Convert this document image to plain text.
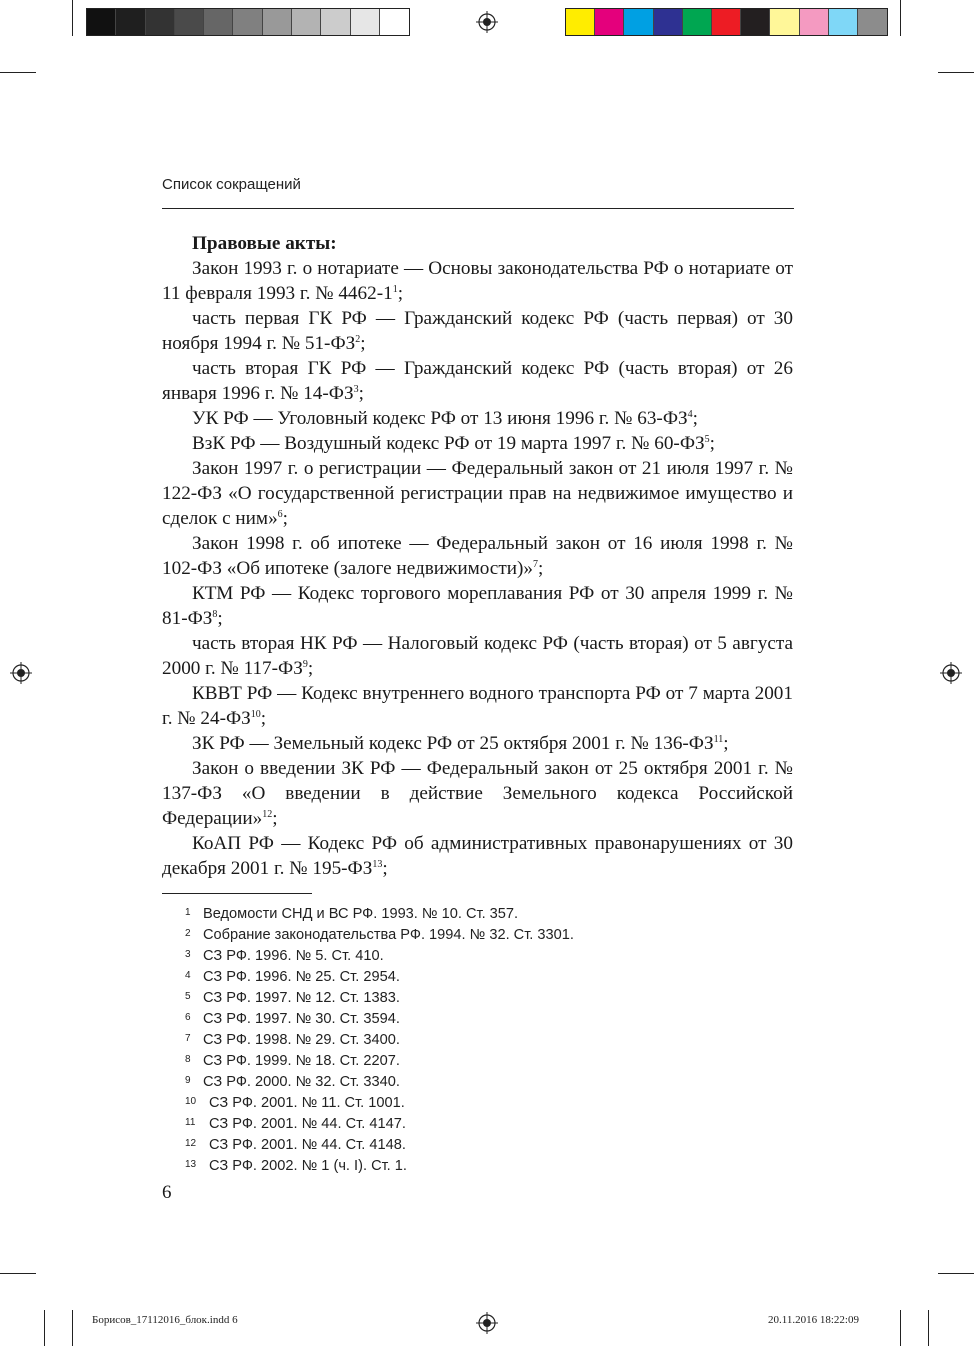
Список сокращений

Правовые акты:

Закон 1993 г. о нотариате — Основы законодательства РФ о нотариате от 11 февраля 1993 г. № $4462-1^1$;

часть первая ГК РФ — Гражданский кодекс РФ (часть первая) от 30 ноября 1994 г. № $51-ФЗ^2$;

часть вторая ГК РФ — Гражданский кодекс РФ (часть вторая) от 26 января 1996 г. № $14-ФЗ^3$;

УК РФ — Уголовный кодекс РФ от 13 июня 1996 г. № $63-ФЗ^4$;

ВзК РФ — Воздушный кодекс РФ от 19 марта 1997 г. № $60-ФЗ^5$;

Закон 1997 г. о регистрации — Федеральный закон от 21 июля 1997 г. № 122-ФЗ «О государственной регистрации прав на недвижимое имущество и сделок с ним»$^6$;

Закон 1998 г. об ипотеке — Федеральный закон от 16 июля 1998 г. № 102-ФЗ «Об ипотеке (залоге недвижимости)»$^7$;

КТМ РФ — Кодекс торгового мореплавания РФ от 30 апреля 1999 г. № $81-ФЗ^8$;

часть вторая НК РФ — Налоговый кодекс РФ (часть вторая) от 5 августа 2000 г. № $117-ФЗ^9$;

КВВТ РФ — Кодекс внутреннего водного транспорта РФ от 7 марта 2001 г. № 24-ФЗ$^{10}$;

ЗК РФ — Земельный кодекс РФ от 25 октября 2001 г. № 136-ФЗ$^{11}$;

Закон о введении ЗК РФ — Федеральный закон от 25 октября 2001 г. № 137-ФЗ «О введении в действие Земельного кодекса Российской Федерации»$^{12}$;

КоАП РФ — Кодекс РФ об административных правонарушениях от 30 декабря 2001 г. № 195-ФЗ$^{13}$;

1 Ведомости СНД и ВС РФ. 1993. № 10. Ст. 357.
2 Собрание законодательства РФ. 1994. № 32. Ст. 3301.
3 СЗ РФ. 1996. № 5. Ст. 410.
4 СЗ РФ. 1996. № 25. Ст. 2954.
5 СЗ РФ. 1997. № 12. Ст. 1383.
6 СЗ РФ. 1997. № 30. Ст. 3594.
7 СЗ РФ. 1998. № 29. Ст. 3400.
8 СЗ РФ. 1999. № 18. Ст. 2207.
9 СЗ РФ. 2000. № 32. Ст. 3340.
10 СЗ РФ. 2001. № 11. Ст. 1001.
11 СЗ РФ. 2001. № 44. Ст. 4147.
12 СЗ РФ. 2001. № 44. Ст. 4148.
13 СЗ РФ. 2002. № 1 (ч. I). Ст. 1.
6
Борисов_17112016_блок.indd 6	20.11.2016 18:22:09
